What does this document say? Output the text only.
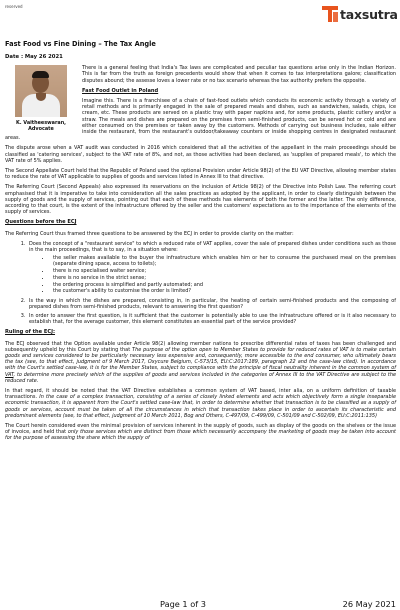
reserved
taxsutra
Fast Food vs Fine Dining – The Tax Angle
Date : May 26 2021
K. Vaitheeswaran,
Advocate

There is a general feeling that India's Tax laws are complicated and peculiar tax questions arise only in the Indian Horizon. This is far from the truth as foreign precedents would show that when it comes to tax interpretations galore; classification disputes abound; the assesse loves a lower rate or no tax scenario whereas the tax authority prefers the opposite.

Fast Food Outlet in Poland

Imagine this. There is a franchisee of a chain of fast-food outlets which conducts its economic activity through a variety of retail methods and is primarily engaged in the sale of prepared meals and dishes, such as sandwiches, salads, chips, ice cream, etc. These products are served on a plastic tray with paper napkins and, for some products, plastic cutlery and/or a straw. The meals and dishes are prepared on the premises from semi-finished products, can be served hot or cold and are either consumed on the premises or taken away by the customers. Methods of carrying out business includes, sale either inside the restaurant, from the restaurant's outdoor/takeaway counters or inside shopping centres in designated restaurant areas.

The dispute arose when a VAT audit was conducted in 2016 which considered that all the activities of the appellant in the main proceedings should be classified as 'catering services', subject to the VAT rate of 8%, and not, as those activities had been declared, as 'supplies of prepared meals', to which the VAT rate of 5% applies.

The Second Appellate Court held that the Republic of Poland used the optional Provision under Article 98(2) of the EU VAT Directive, allowing member states to reduce the rate of VAT applicable to supplies of goods and services listed in Annex III to that directive.

The Referring Court (Second Appeals) also expressed its reservations on the inclusion of Article 98(2) of the Directive into Polish Law. The referring court emphasised that it is imperative to take into consideration all the sales practices as adopted by the applicant, in order to clearly distinguish between the supply of goods and the supply of services, pointing out that each of these methods has elements of both the former and the latter. The only difference, according to that court, is the extent of the infrastructure offered by the seller and the customers' expectations as to the importance of the elements of the supply of services.

Questions before the ECJ

The Referring Court thus framed three questions to be answered by the ECJ in order to provide clarity on the matter:

1. Does the concept of a "restaurant service" to which a reduced rate of VAT applies, cover the sale of prepared dishes under conditions such as those in the main proceedings, that is to say, in a situation where:
• the seller makes available to the buyer the infrastructure which enables him or her to consume the purchased meal on the premises (separate dining space, access to toilets);
• there is no specialised waiter service;
• there is no service in the strict sense;
• the ordering process is simplified and partly automated; and
• the customer's ability to customise the order is limited?
2. Is the way in which the dishes are prepared, consisting in, in particular, the heating of certain semi-finished products and the composing of prepared dishes from semi-finished products, relevant to answering the first question?
3. In order to answer the first question, is it sufficient that the customer is potentially able to use the infrastructure offered or is it also necessary to establish that, for the average customer, this element constitutes an essential part of the service provided?
Ruling of the ECJ:

The ECJ observed that the Option available under Article 98(2) allowing member nations to prescribe differential rates of taxes has been challenged and subsequently upheld by this Court by stating that The purpose of the option open to Member States to provide for reduced rates of VAT is to make certain goods and services considered to be particularly necessary less expensive and, consequently, more accessible to the end consumer, who ultimately bears the tax (see, to that effect, judgment of 9 March 2017, Oxycure Belgium, C‑573/15, EU:C:2017:189, paragraph 22 and the case-law cited). In accordance with the Court's settled case-law, it is for the Member States, subject to compliance with the principle of fiscal neutrality inherent in the common system of VAT, to determine more precisely which of the supplies of goods and services included in the categories of Annex III to the VAT Directive are subject to the reduced rate.

In that regard, it should be noted that the VAT Directive establishes a common system of VAT based, inter alia, on a uniform definition of taxable transactions. In the case of a complex transaction, consisting of a series of closely linked elements and acts which objectively form a single inseparable economic transaction, it is apparent from the Court's settled case-law that, in order to determine whether that transaction is to be classified as a supply of goods or services, account must be taken of all the circumstances in which that transaction takes place in order to ascertain its characteristic and predominant elements (see, to that effect, judgment of 10 March 2011, Bog and Others, C‑497/09, C‑499/09, C‑501/09 and C‑502/09, EU:C:2011:135)

The Court herein considered even the minimal provision of services inherent in the supply of goods, such as display of the goods on the shelves or the issue of invoice, and held that only those services which are distinct from those which necessarily accompany the marketing of goods may be taken into account for the purpose of assessing the share which the supply of

Page 1 of 3	26 May 2021
